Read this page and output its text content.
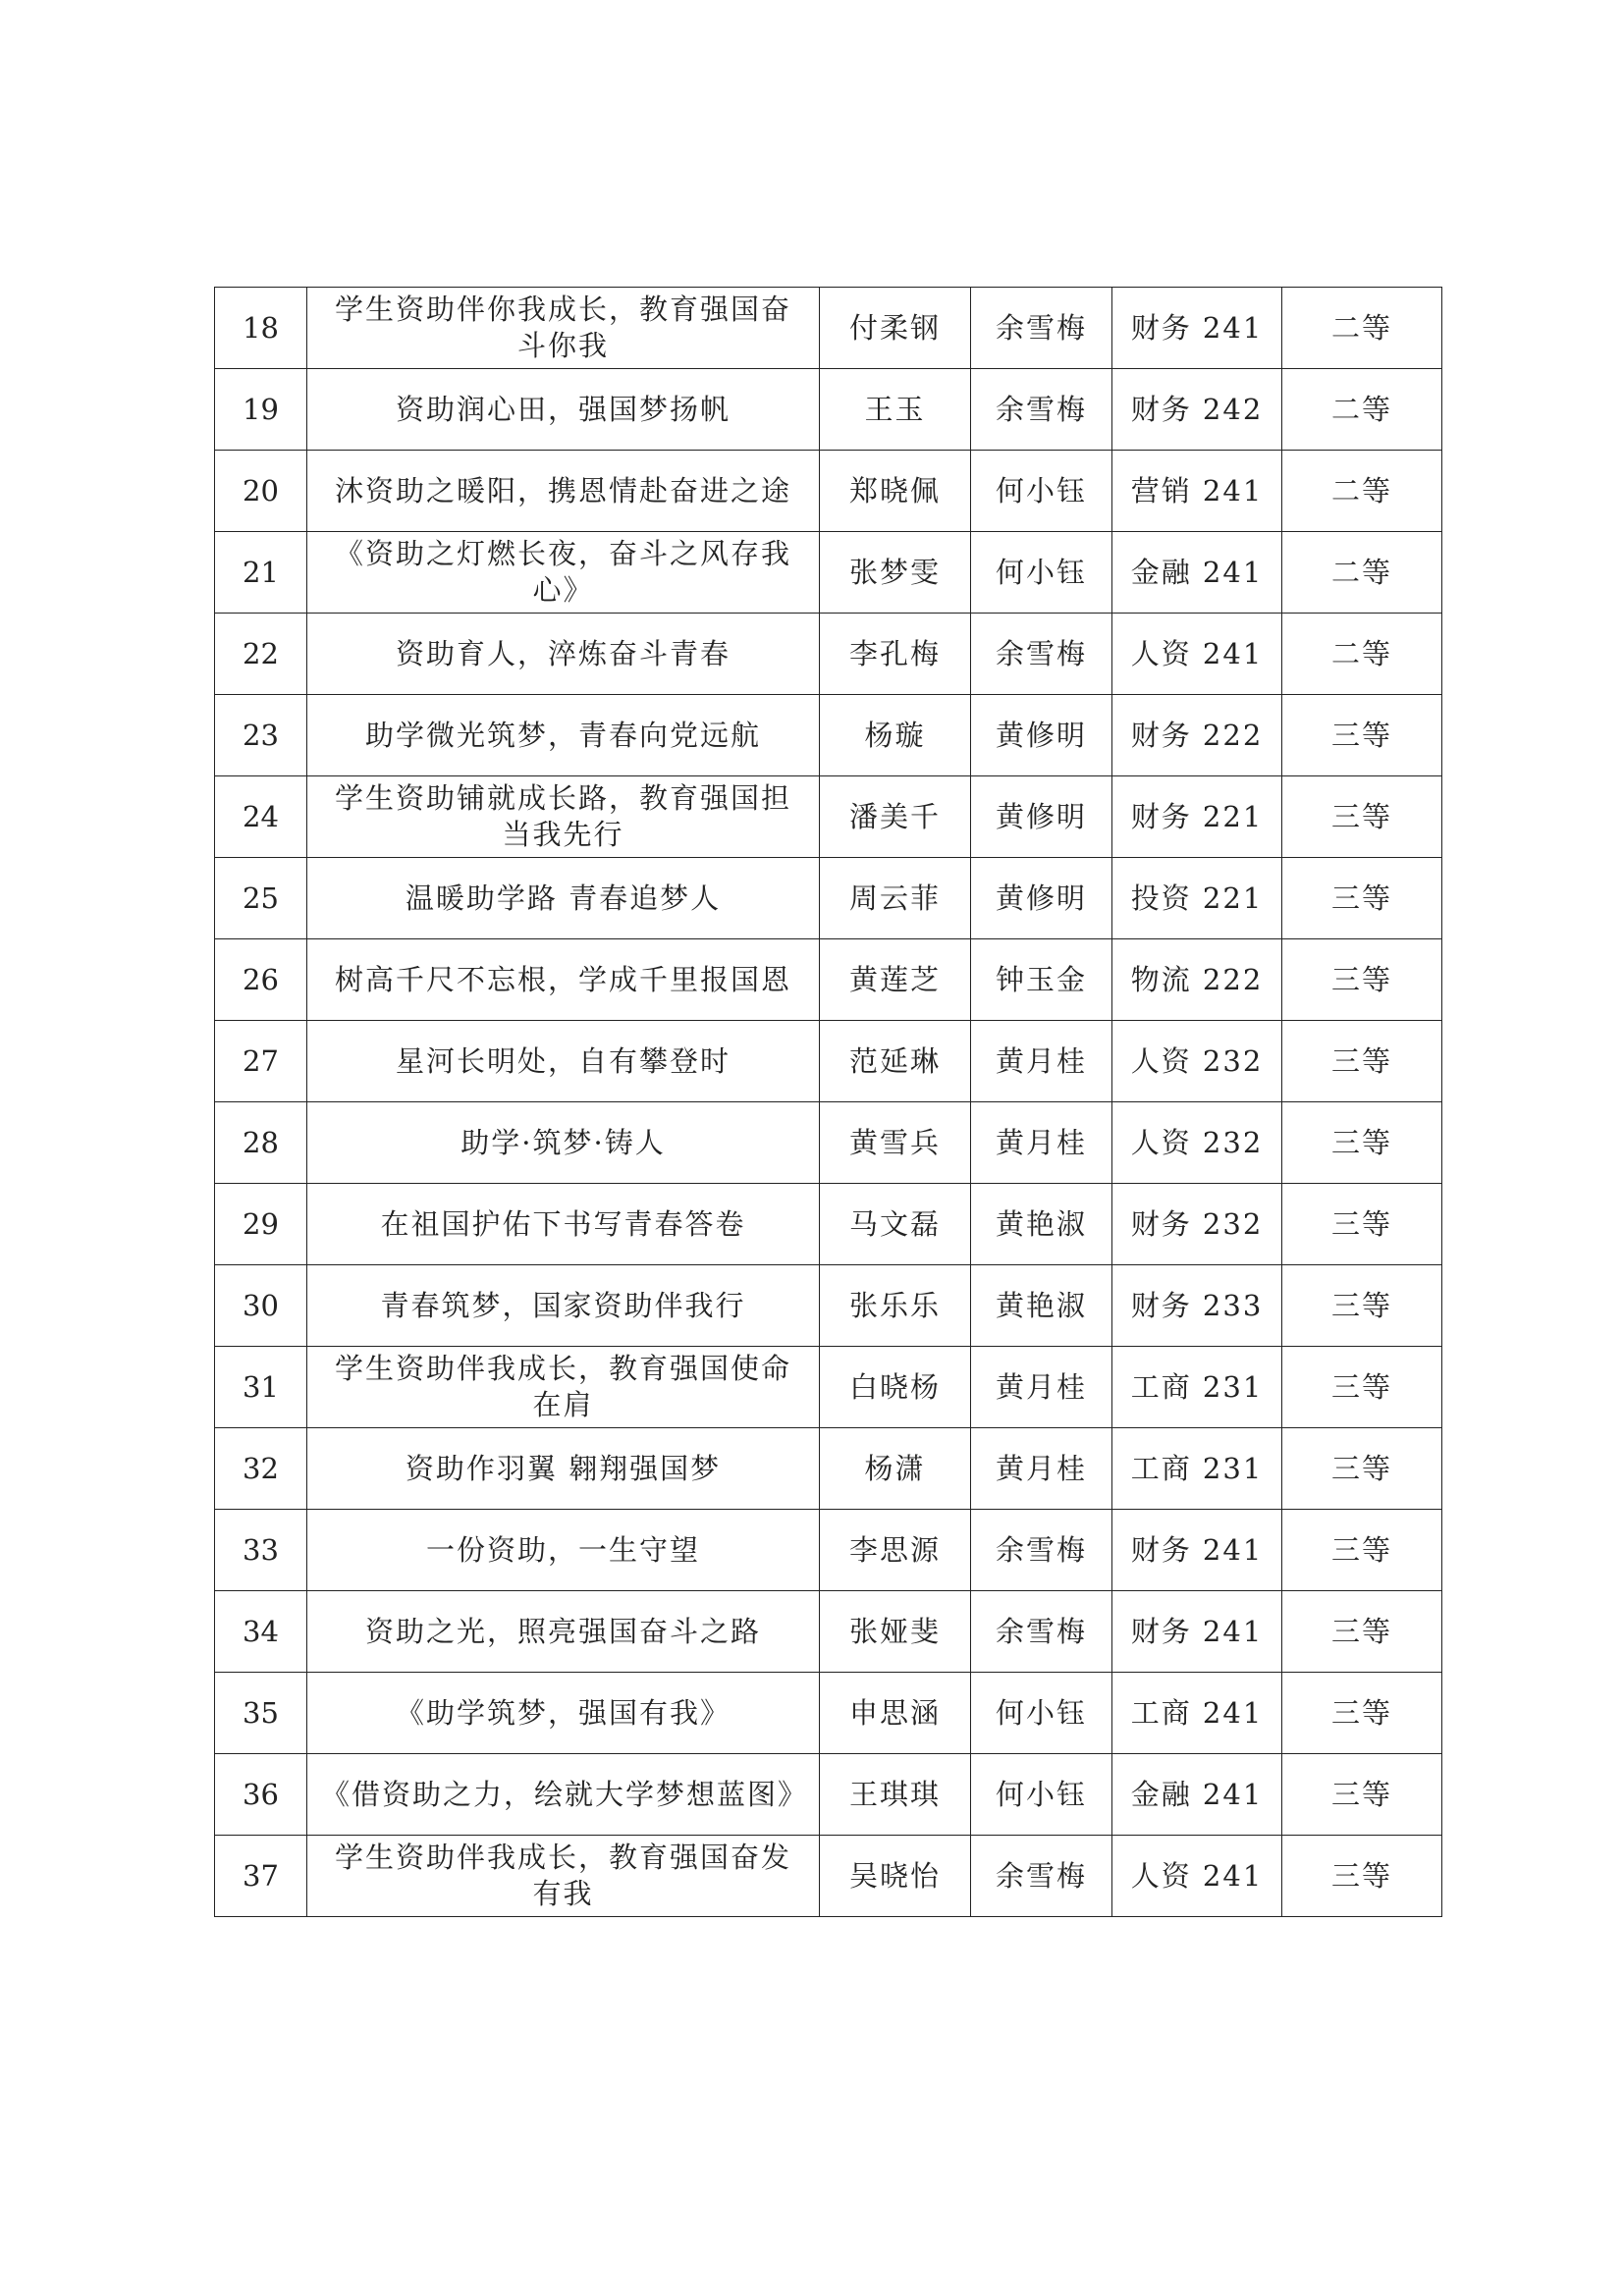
18	学生资助伴你我成长，教育强国奋斗你我	付柔钢	余雪梅	财务 241	二等

19	资助润心田，强国梦扬帆	王玉	余雪梅	财务 242	二等

20	沐资助之暖阳，携恩情赴奋进之途	郑晓佩	何小钰	营销 241	二等

21	《资助之灯燃长夜，奋斗之风存我心》	张梦雯	何小钰	金融 241	二等

22	资助育人，淬炼奋斗青春	李孔梅	余雪梅	人资 241	二等

23	助学微光筑梦，青春向党远航	杨璇	黄修明	财务 222	三等

24	学生资助铺就成长路，教育强国担当我先行	潘美千	黄修明	财务 221	三等

25	温暖助学路 青春追梦人	周云菲	黄修明	投资 221	三等

26	树高千尺不忘根，学成千里报国恩	黄莲芝	钟玉金	物流 222	三等

27	星河长明处，自有攀登时	范延琳	黄月桂	人资 232	三等

28	助学·筑梦·铸人	黄雪兵	黄月桂	人资 232	三等

29	在祖国护佑下书写青春答卷	马文磊	黄艳淑	财务 232	三等

30	青春筑梦，国家资助伴我行	张乐乐	黄艳淑	财务 233	三等

31	学生资助伴我成长，教育强国使命在肩	白晓杨	黄月桂	工商 231	三等

32	资助作羽翼 翱翔强国梦	杨潇	黄月桂	工商 231	三等

33	一份资助，一生守望	李思源	余雪梅	财务 241	三等

34	资助之光，照亮强国奋斗之路	张娅斐	余雪梅	财务 241	三等

35	《助学筑梦，强国有我》	申思涵	何小钰	工商 241	三等

36	《借资助之力，绘就大学梦想蓝图》	王琪琪	何小钰	金融 241	三等

37	学生资助伴我成长，教育强国奋发有我	吴晓怡	余雪梅	人资 241	三等
